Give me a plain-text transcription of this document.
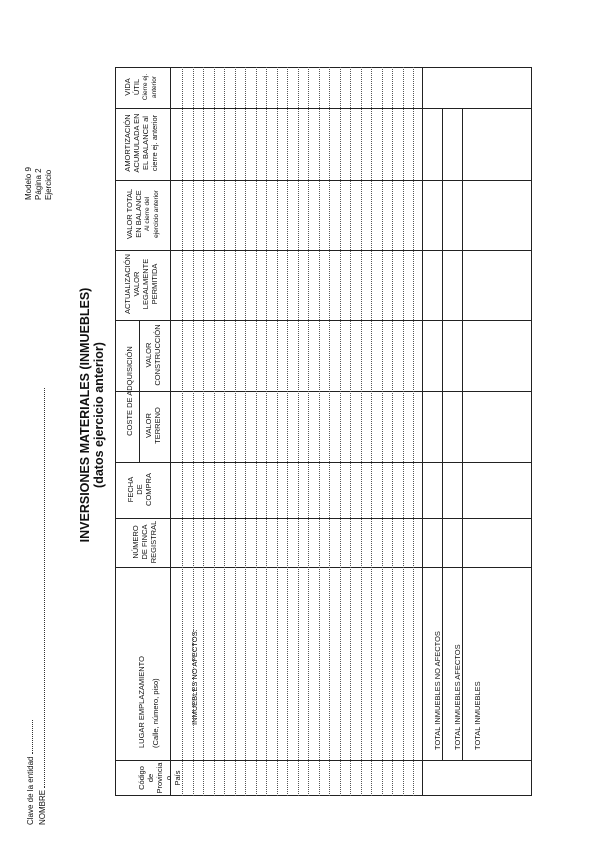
Clave de la entidad NOMBRE
Modelo 9 Página 2 Ejercicio
INVERSIONES MATERIALES (INMUEBLES) (datos ejercicio anterior)
Código de Provincia o País
LUGAR EMPLAZAMIENTO (Calle, número, piso)
NÚMERO DE FINCA REGISTRAL
FECHA DE COMPRA
COSTE DE ADQUISICIÓN VALOR TERRENO
VALOR CONSTRUCCIÓN
ACTUALIZACIÓN VALOR LEGALMENTE PERMITIDA
VALOR TOTAL EN BALANCE Al cierre del ejercicio anterior
AMORTIZACIÓN ACUMULADA EN EL BALANCE al cierre ej. anterior
VIDA ÚTIL Cierre ej. anterior
INMUEBLES NO AFECTOS:	TOTAL INMUEBLES NO AFECTOS TOTAL INMUEBLES AFECTOS TOTAL INMUEBLES
